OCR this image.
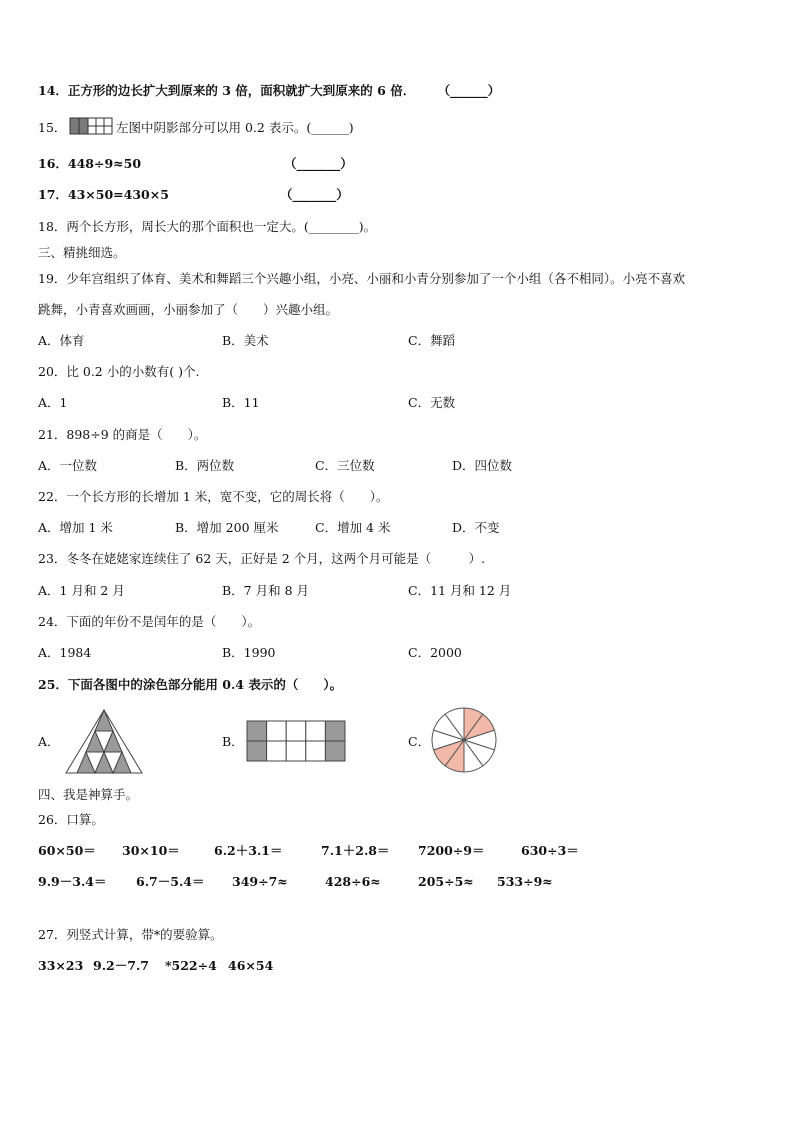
14．正方形的边长扩大到原来的 3 倍，面积就扩大到原来的 6 倍． （______）
15．	左图中阴影部分可以用 0.2 表示。(______)
16．448÷9≈50	（_______）
17．43×50=430×5	（_______）
18．两个长方形，周长大的那个面积也一定大。(________)。
三、精挑细选。
19．少年宫组织了体育、美术和舞蹈三个兴趣小组，小亮、小丽和小青分别参加了一个小组（各不相同）。小亮不喜欢
跳舞，小青喜欢画画，小丽参加了（　　）兴趣小组。
A．体育	B．美术	C．舞蹈
20．比 0.2 小的小数有( )个.
A．1	B．11	C．无数
21．898÷9 的商是（　　）。
A．一位数	B．两位数	C．三位数	D．四位数
22．一个长方形的长增加 1 米，宽不变，它的周长将（　　）。
A．增加 1 米	B．增加 200 厘米	C．增加 4 米	D．不变
23．冬冬在姥姥家连续住了 62 天，正好是 2 个月，这两个月可能是（　　　）.
A．1 月和 2 月	B．7 月和 8 月	C．11 月和 12 月
24．下面的年份不是闰年的是（　　）。
A．1984	B．1990	C．2000
25．下面各图中的涂色部分能用 0.4 表示的（　　）。
A．	B．	C．
四、我是神算手。
26．口算。
60×50＝ 30×10＝	6.2＋3.1＝	7.1＋2.8＝ 7200÷9＝	630÷3＝
9.9－3.4＝ 6.7－5.4＝ 349÷7≈	428÷6≈	205÷5≈ 533÷9≈
27．列竖式计算，带*的要验算。
33×23 9.2－7.7 *522÷4 46×54
